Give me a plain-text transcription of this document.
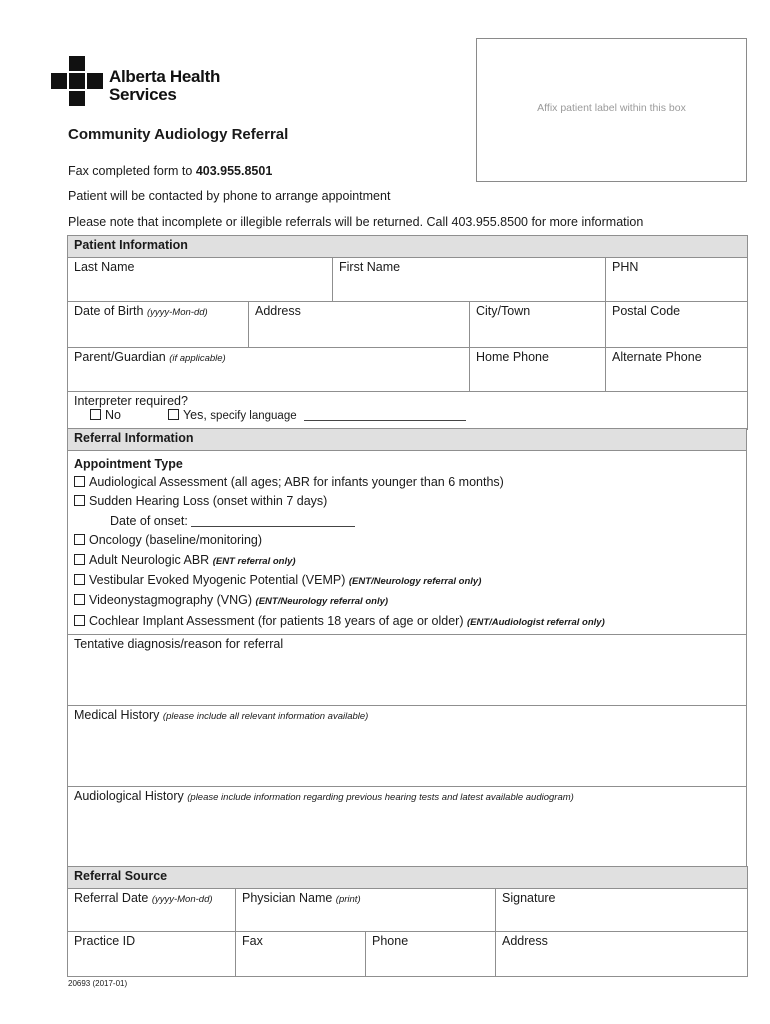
Alberta Health
Services
Affix patient label within this box
Community Audiology Referral
Fax completed form to 403.955.8501
Patient will be contacted by phone to arrange appointment
Please note that incomplete or illegible referrals will be returned. Call 403.955.8500 for more information
Patient Information				
Last Name		First Name		PHN
Date of Birth (yyyy-Mon-dd)	Address		City/Town	Postal Code
Parent/Guardian (if applicable)			Home Phone	Alternate Phone

Interpreter required?
No Yes, specify language				
Referral Information

Appointment Type
Audiological Assessment (all ages; ABR for infants younger than 6 months)
Sudden Hearing Loss (onset within 7 days)
Date of onset:
Oncology (baseline/monitoring)
Adult Neurologic ABR (ENT referral only)
Vestibular Evoked Myogenic Potential (VEMP) (ENT/Neurology referral only)
Videonystagmography (VNG) (ENT/Neurology referral only)
Cochlear Implant Assessment (for patients 18 years of age or older) (ENT/Audiologist referral only)

Tentative diagnosis/reason for referral
Medical History (please include all relevant information available)
Audiological History (please include information regarding previous hearing tests and latest available audiogram)
Referral Source			
Referral Date (yyyy-Mon-dd)	Physician Name (print)		Signature
Practice ID	Fax	Phone	Address
20693 (2017-01)
